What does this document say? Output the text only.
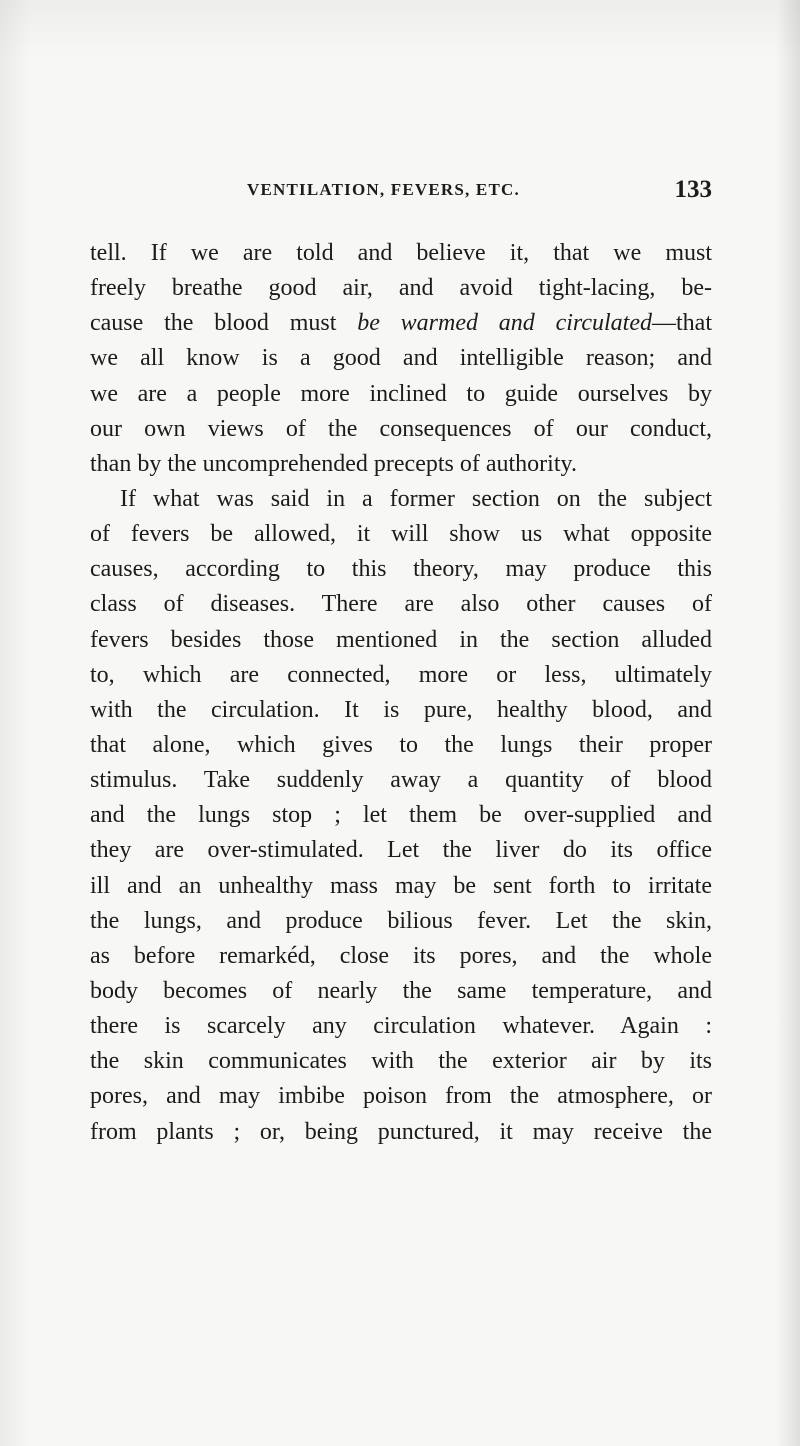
VENTILATION, FEVERS, ETC.	133
tell. If we are told and believe it, that we must
freely breathe good air, and avoid tight-lacing, be-
cause the blood must be warmed and circulated—that
we all know is a good and intelligible reason; and
we are a people more inclined to guide ourselves by
our own views of the consequences of our conduct,
than by the uncomprehended precepts of authority.
If what was said in a former section on the subject
of fevers be allowed, it will show us what opposite
causes, according to this theory, may produce this
class of diseases. There are also other causes of
fevers besides those mentioned in the section alluded
to, which are connected, more or less, ultimately
with the circulation. It is pure, healthy blood, and
that alone, which gives to the lungs their proper
stimulus. Take suddenly away a quantity of blood
and the lungs stop ; let them be over-supplied and
they are over-stimulated. Let the liver do its office
ill and an unhealthy mass may be sent forth to irritate
the lungs, and produce bilious fever. Let the skin,
as before remarkéd, close its pores, and the whole
body becomes of nearly the same temperature, and
there is scarcely any circulation whatever. Again :
the skin communicates with the exterior air by its
pores, and may imbibe poison from the atmosphere, or
from plants ; or, being punctured, it may receive the
